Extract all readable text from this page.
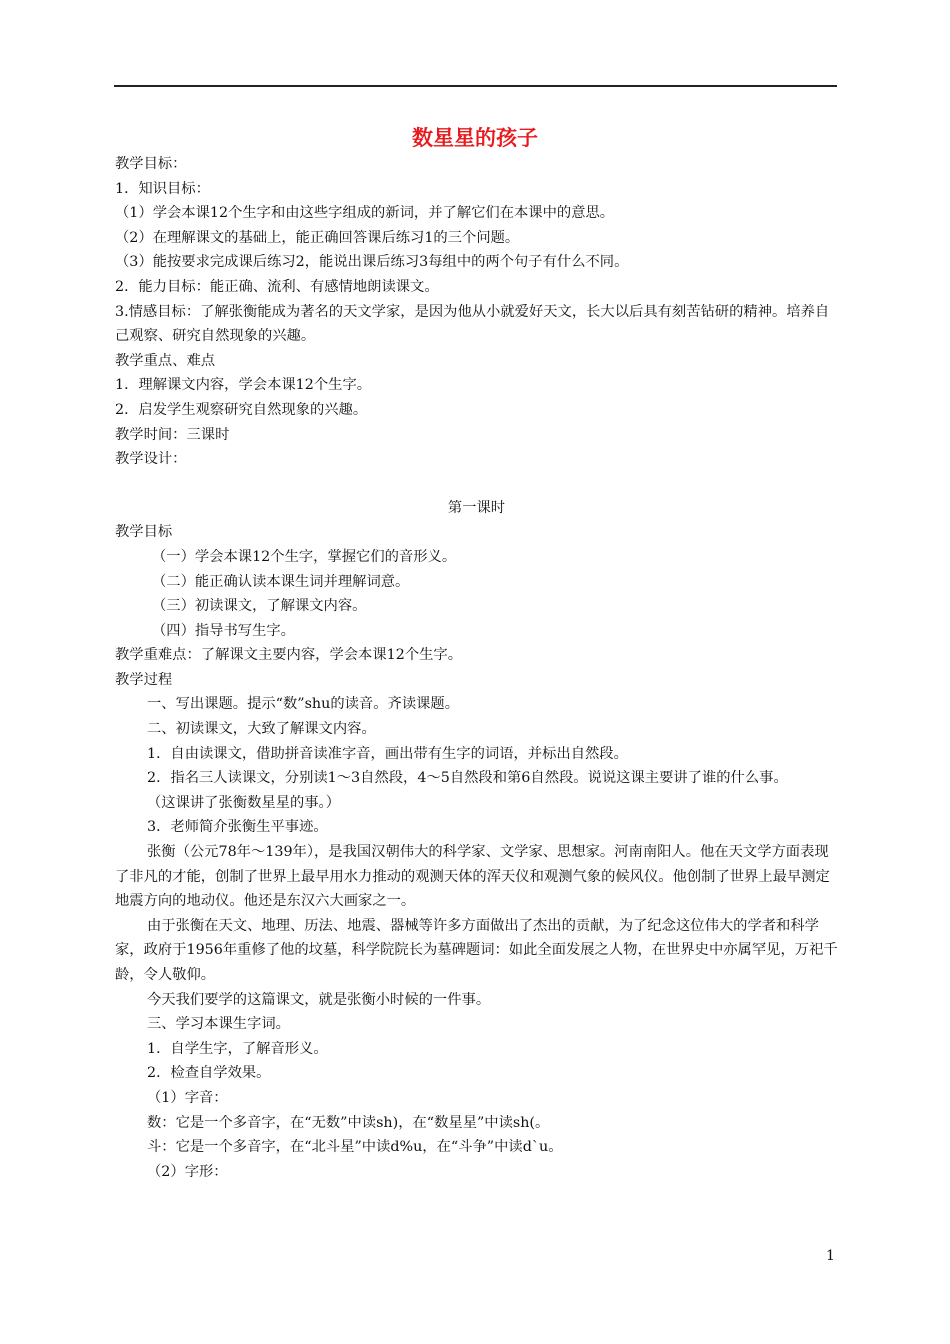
数星星的孩子

教学目标：

1．知识目标：

（1）学会本课12个生字和由这些字组成的新词，并了解它们在本课中的意思。

（2）在理解课文的基础上，能正确回答课后练习1的三个问题。

（3）能按要求完成课后练习2，能说出课后练习3每组中的两个句子有什么不同。

2．能力目标：能正确、流利、有感情地朗读课文。

3.情感目标：了解张衡能成为著名的天文学家，是因为他从小就爱好天文，长大以后具有刻苦钻研的精神。培养自己观察、研究自然现象的兴趣。

教学重点、难点

1．理解课文内容，学会本课12个生字。

2．启发学生观察研究自然现象的兴趣。

教学时间：三课时

教学设计：

第一课时

教学目标

（一）学会本课12个生字，掌握它们的音形义。

（二）能正确认读本课生词并理解词意。

（三）初读课文，了解课文内容。

（四）指导书写生字。

教学重难点：了解课文主要内容，学会本课12个生字。

教学过程

一、写出课题。提示“数”shu的读音。齐读课题。

二、初读课文，大致了解课文内容。

1．自由读课文，借助拼音读准字音，画出带有生字的词语，并标出自然段。

2．指名三人读课文，分别读1～3自然段，4～5自然段和第6自然段。说说这课主要讲了谁的什么事。

（这课讲了张衡数星星的事。）

3．老师简介张衡生平事迹。

张衡（公元78年～139年），是我国汉朝伟大的科学家、文学家、思想家。河南南阳人。他在天文学方面表现了非凡的才能，创制了世界上最早用水力推动的观测天体的浑天仪和观测气象的候风仪。他创制了世界上最早测定地震方向的地动仪。他还是东汉六大画家之一。

由于张衡在天文、地理、历法、地震、器械等许多方面做出了杰出的贡献，为了纪念这位伟大的学者和科学家，政府于1956年重修了他的坟墓，科学院院长为墓碑题词：如此全面发展之人物，在世界史中亦属罕见，万祀千龄，令人敬仰。

今天我们要学的这篇课文，就是张衡小时候的一件事。

三、学习本课生字词。

1．自学生字，了解音形义。

2．检查自学效果。

（1）字音：

数：它是一个多音字，在“无数”中读sh)，在“数星星”中读sh(。

斗：它是一个多音字，在“北斗星”中读d%u，在“斗争”中读dˋu。

（2）字形：

1
